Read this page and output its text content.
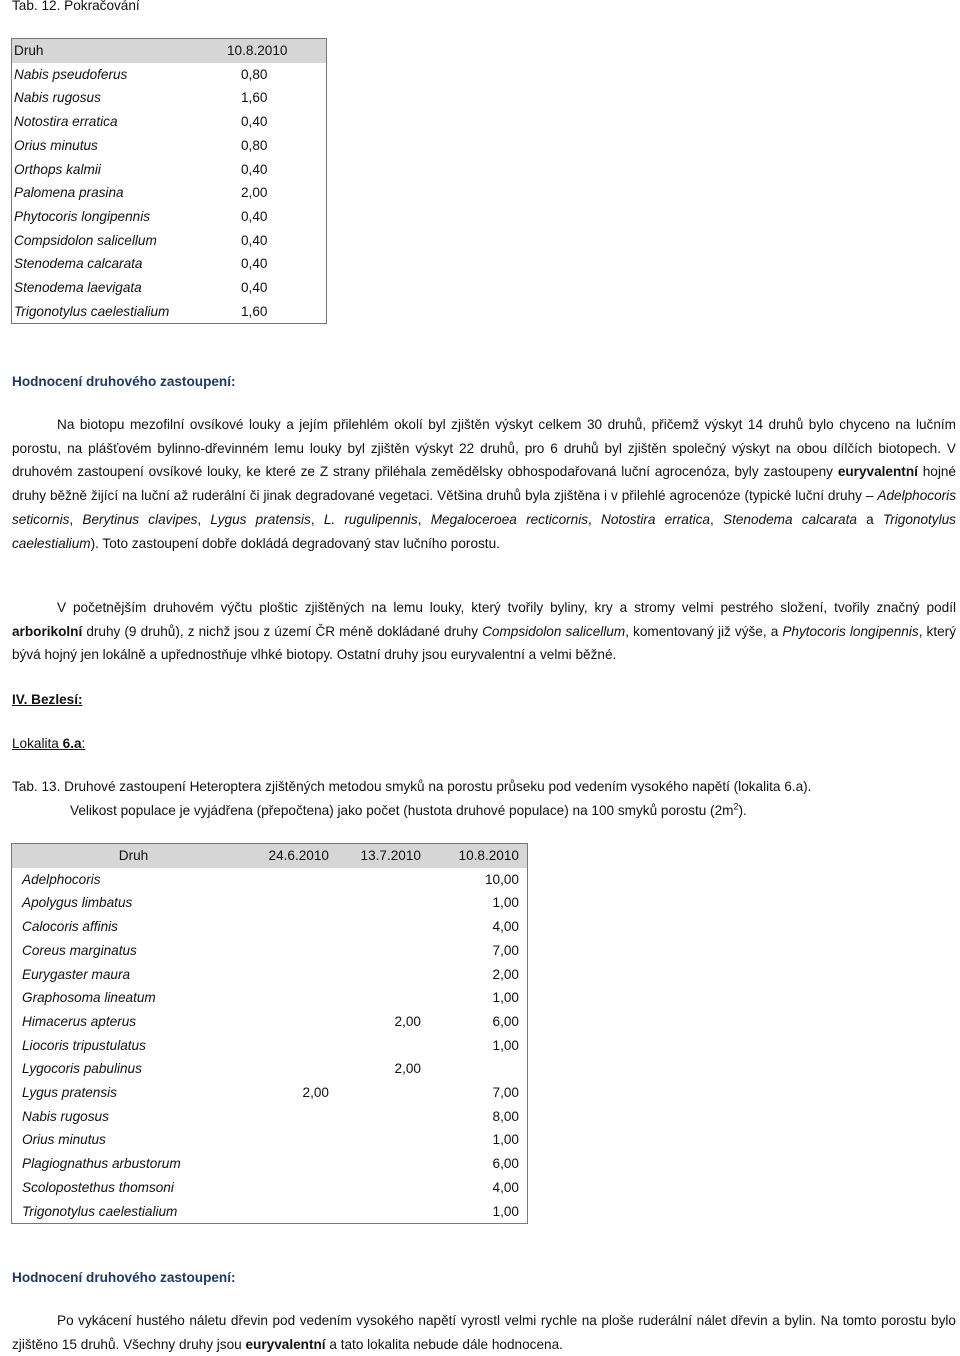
Tab. 12. Pokračování
Druh	10.8.2010
Nabis pseudoferus	0,80
Nabis rugosus	1,60
Notostira erratica	0,40
Orius minutus	0,80
Orthops kalmii	0,40
Palomena prasina	2,00
Phytocoris longipennis	0,40
Compsidolon salicellum	0,40
Stenodema calcarata	0,40
Stenodema laevigata	0,40
Trigonotylus caelestialium	1,60
Hodnocení druhového zastoupení:

Na biotopu mezofilní ovsíkové louky a jejím přilehlém okolí byl zjištěn výskyt celkem 30 druhů, přičemž výskyt 14 druhů bylo chyceno na lučním porostu, na plášťovém bylinno-dřevinném lemu louky byl zjištěn výskyt 22 druhů, pro 6 druhů byl zjištěn společný výskyt na obou dílčích biotopech. V druhovém zastoupení ovsíkové louky, ke které ze Z strany přiléhala zemědělsky obhospodařovaná luční agrocenóza, byly zastoupeny euryvalentní hojné druhy běžně žijící na luční až ruderální či jinak degradované vegetaci. Většina druhů byla zjištěna i v přilehlé agrocenóze (typické luční druhy – Adelphocoris seticornis, Berytinus clavipes, Lygus pratensis, L. rugulipennis, Megaloceroea recticornis, Notostira erratica, Stenodema calcarata a Trigonotylus caelestialium). Toto zastoupení dobře dokládá degradovaný stav lučního porostu.

V početnějším druhovém výčtu ploštic zjištěných na lemu louky, který tvořily byliny, kry a stromy velmi pestrého složení, tvořily značný podíl arborikolní druhy (9 druhů), z nichž jsou z území ČR méně dokládané druhy Compsidolon salicellum, komentovaný již výše, a Phytocoris longipennis, který bývá hojný jen lokálně a upřednostňuje vlhké biotopy. Ostatní druhy jsou euryvalentní a velmi běžné.

IV. Bezlesí:
Lokalita 6.a:
Tab. 13. Druhové zastoupení Heteroptera zjištěných metodou smyků na porostu průseku pod vedením vysokého napětí (lokalita 6.a).
Velikost populace je vyjádřena (přepočtena) jako počet (hustota druhové populace) na 100 smyků porostu $(2m^2)$.
Druh	24.6.2010	13.7.2010	10.8.2010
Adelphocoris			10,00
Apolygus limbatus			1,00
Calocoris affinis			4,00
Coreus marginatus			7,00
Eurygaster maura			2,00
Graphosoma lineatum			1,00
Himacerus apterus		2,00	6,00
Liocoris tripustulatus			1,00
Lygocoris pabulinus		2,00	
Lygus pratensis	2,00		7,00
Nabis rugosus			8,00
Orius minutus			1,00
Plagiognathus arbustorum			6,00
Scolopostethus thomsoni			4,00
Trigonotylus caelestialium			1,00
Hodnocení druhového zastoupení:

Po vykácení hustého náletu dřevin pod vedením vysokého napětí vyrostl velmi rychle na ploše ruderální nálet dřevin a bylin. Na tomto porostu bylo zjištěno 15 druhů. Všechny druhy jsou euryvalentní a tato lokalita nebude dále hodnocena.
